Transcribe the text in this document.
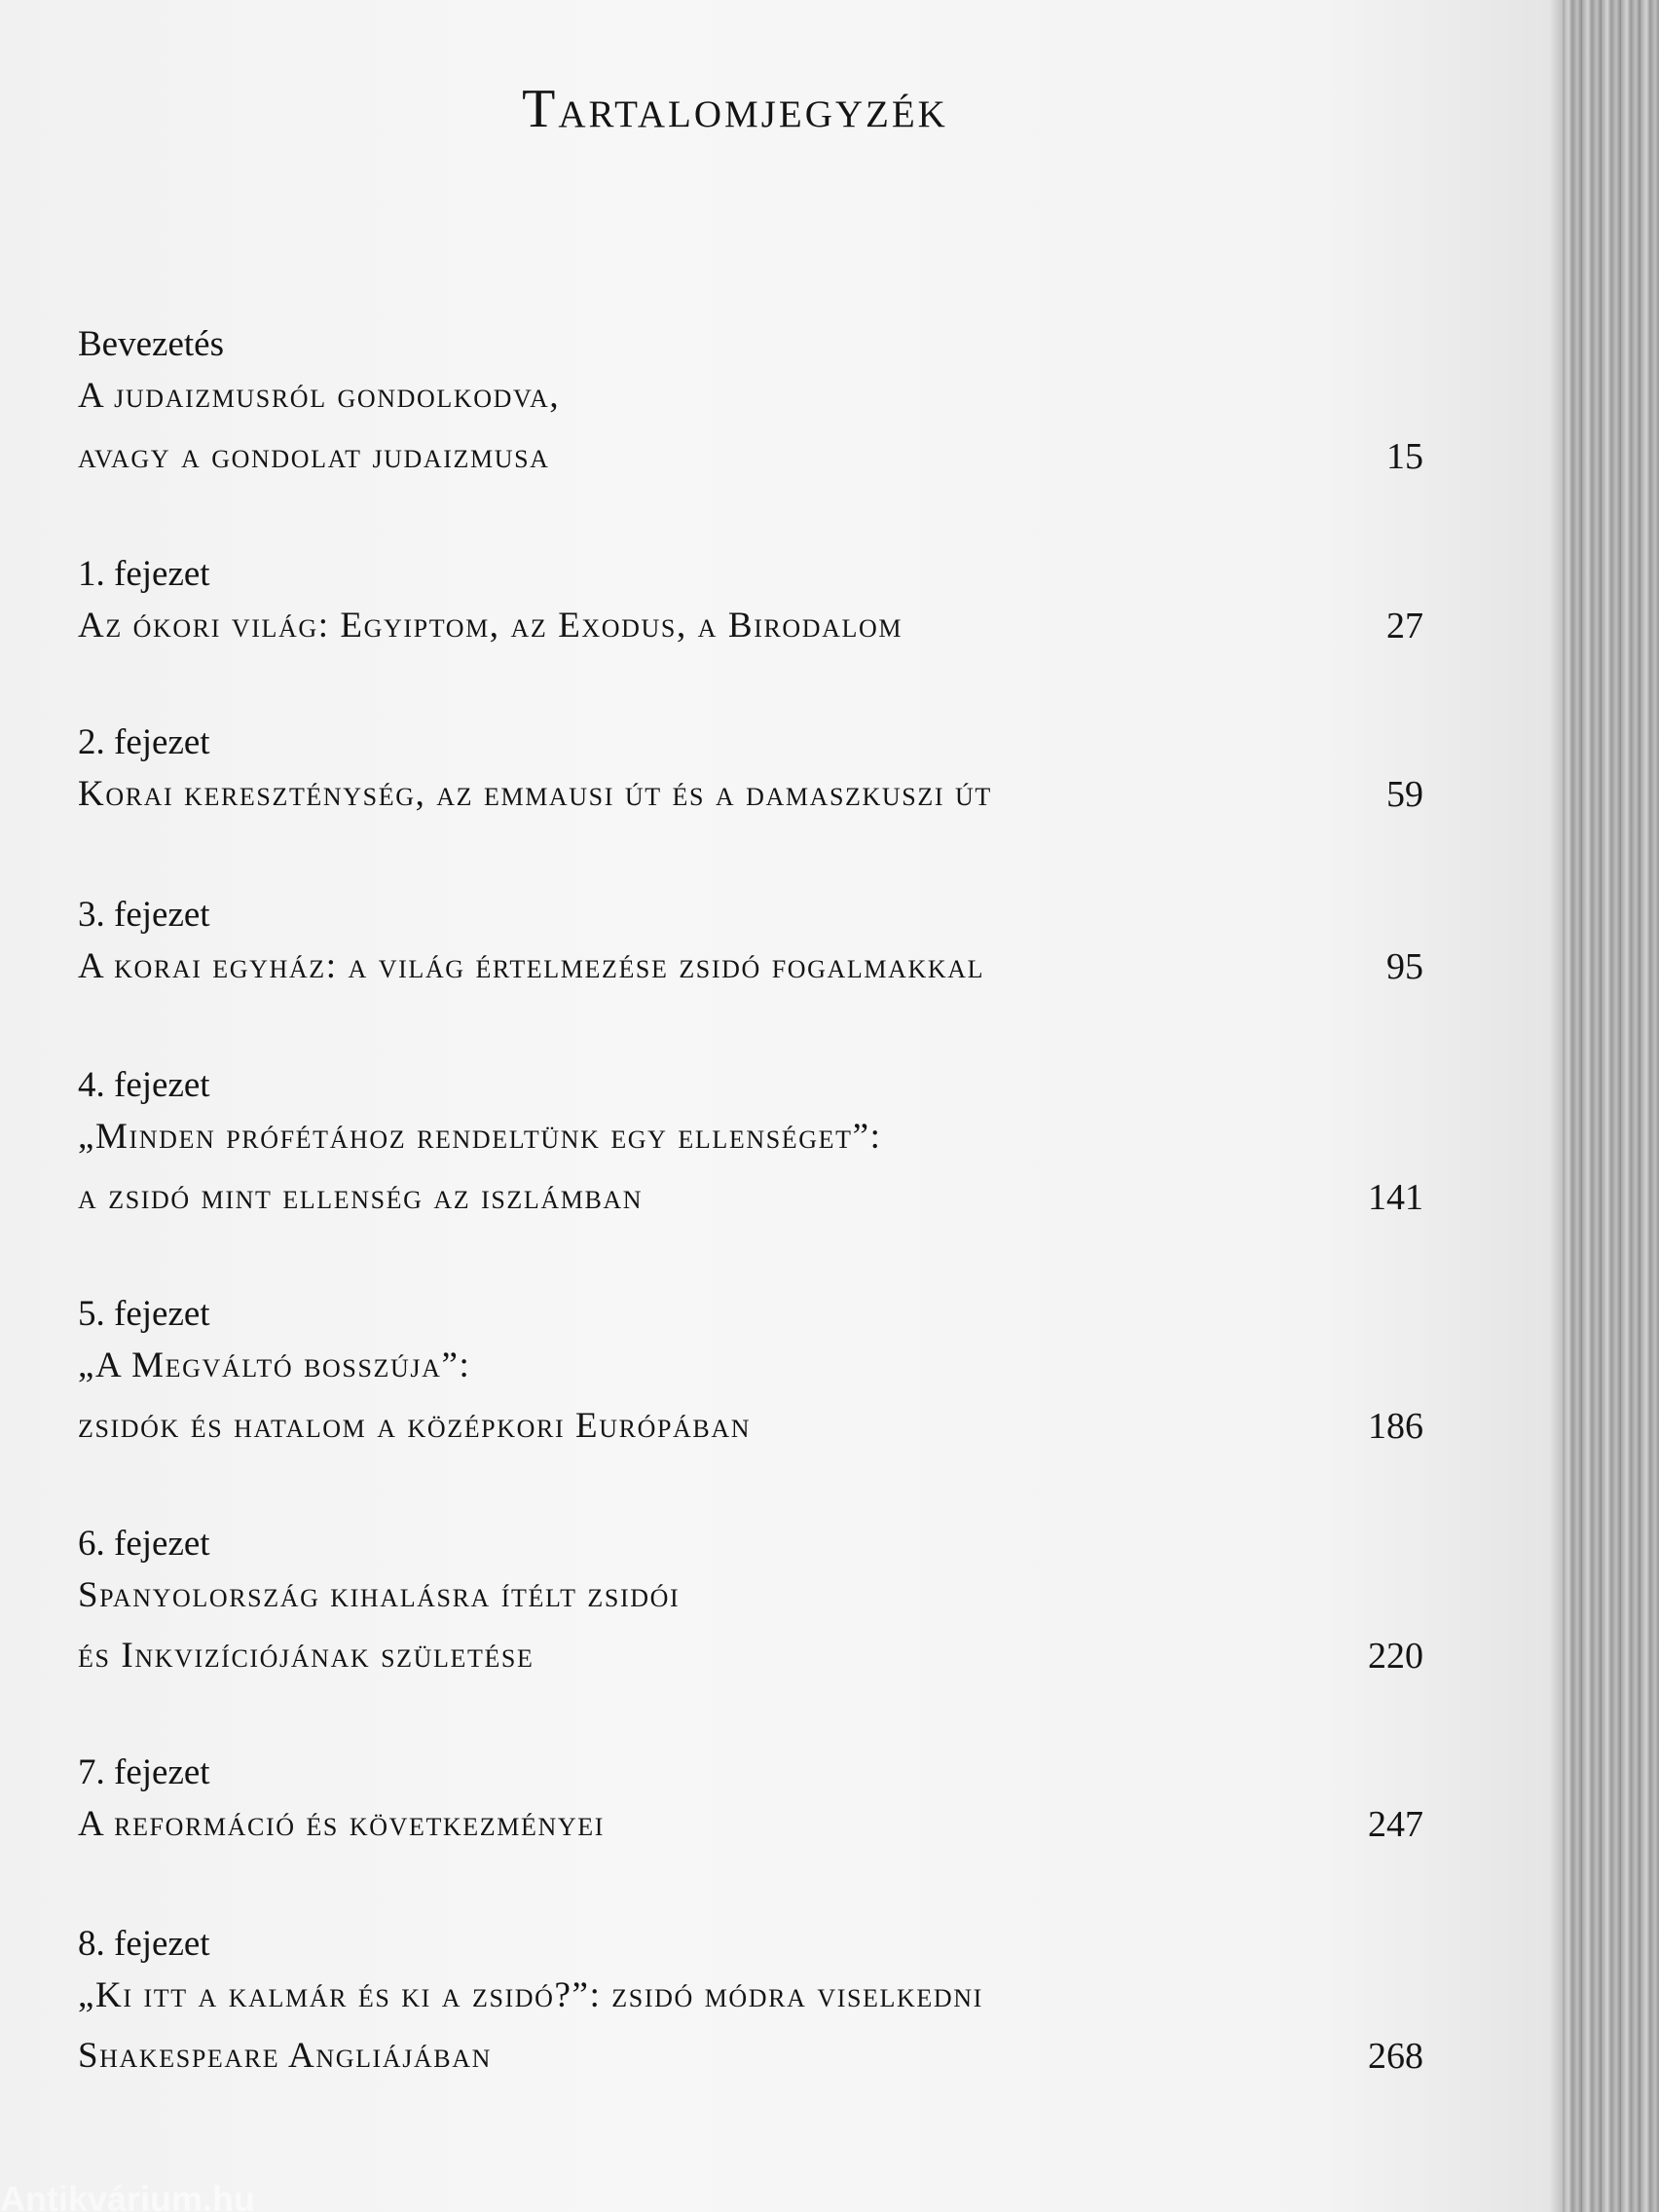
Tartalomjegyzék
Bevezetés
A judaizmusról gondolkodva,
avagy a gondolat judaizmusa	15
1. fejezet
Az ókori világ: Egyiptom, az Exodus, a Birodalom	27
2. fejezet
Korai kereszténység, az emmausi út és a damaszkuszi út	59
3. fejezet
A korai egyház: a világ értelmezése zsidó fogalmakkal	95
4. fejezet
„Minden prófétához rendeltünk egy ellenséget”:
a zsidó mint ellenség az iszlámban	141
5. fejezet
„A Megváltó bosszúja”:
zsidók és hatalom a középkori Európában	186
6. fejezet
Spanyolország kihalásra ítélt zsidói
és Inkvizíciójának születése	220
7. fejezet
A reformáció és következményei	247
8. fejezet
„Ki itt a kalmár és ki a zsidó?”: zsidó módra viselkedni
Shakespeare Angliájában	268
Antikvárium.hu
